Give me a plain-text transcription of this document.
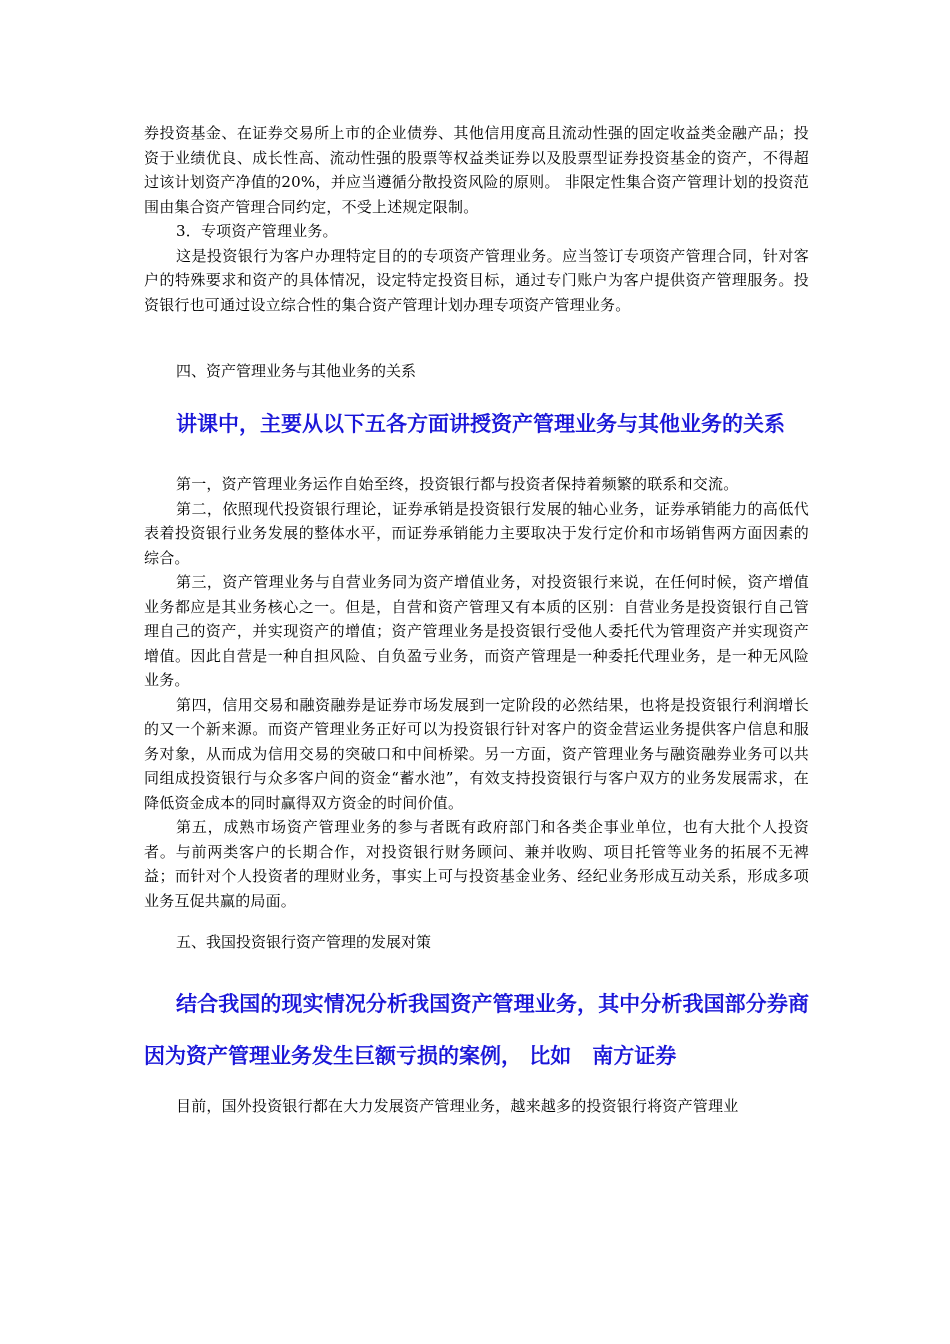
券投资基金、在证券交易所上市的企业债券、其他信用度高且流动性强的固定收益类金融产品；投资于业绩优良、成长性高、流动性强的股票等权益类证券以及股票型证券投资基金的资产，不得超过该计划资产净值的20%，并应当遵循分散投资风险的原则。 非限定性集合资产管理计划的投资范围由集合资产管理合同约定，不受上述规定限制。

3．专项资产管理业务。

这是投资银行为客户办理特定目的的专项资产管理业务。应当签订专项资产管理合同，针对客户的特殊要求和资产的具体情况，设定特定投资目标，通过专门账户为客户提供资产管理服务。投资银行也可通过设立综合性的集合资产管理计划办理专项资产管理业务。

四、资产管理业务与其他业务的关系
讲课中，主要从以下五各方面讲授资产管理业务与其他业务的关系

第一，资产管理业务运作自始至终，投资银行都与投资者保持着频繁的联系和交流。

第二，依照现代投资银行理论，证券承销是投资银行发展的轴心业务，证券承销能力的高低代表着投资银行业务发展的整体水平，而证券承销能力主要取决于发行定价和市场销售两方面因素的综合。

第三，资产管理业务与自营业务同为资产增值业务，对投资银行来说，在任何时候，资产增值业务都应是其业务核心之一。但是，自营和资产管理又有本质的区别：自营业务是投资银行自己管理自己的资产，并实现资产的增值；资产管理业务是投资银行受他人委托代为管理资产并实现资产增值。因此自营是一种自担风险、自负盈亏业务，而资产管理是一种委托代理业务，是一种无风险业务。

第四，信用交易和融资融券是证券市场发展到一定阶段的必然结果，也将是投资银行利润增长的又一个新来源。而资产管理业务正好可以为投资银行针对客户的资金营运业务提供客户信息和服务对象，从而成为信用交易的突破口和中间桥梁。另一方面，资产管理业务与融资融券业务可以共同组成投资银行与众多客户间的资金“蓄水池”，有效支持投资银行与客户双方的业务发展需求，在降低资金成本的同时赢得双方资金的时间价值。

第五，成熟市场资产管理业务的参与者既有政府部门和各类企事业单位，也有大批个人投资者。与前两类客户的长期合作，对投资银行财务顾问、兼并收购、项目托管等业务的拓展不无裨益；而针对个人投资者的理财业务，事实上可与投资基金业务、经纪业务形成互动关系，形成多项业务互促共赢的局面。

五、我国投资银行资产管理的发展对策
结合我国的现实情况分析我国资产管理业务，其中分析我国部分券商因为资产管理业务发生巨额亏损的案例， 比如　南方证券

目前，国外投资银行都在大力发展资产管理业务，越来越多的投资银行将资产管理业
